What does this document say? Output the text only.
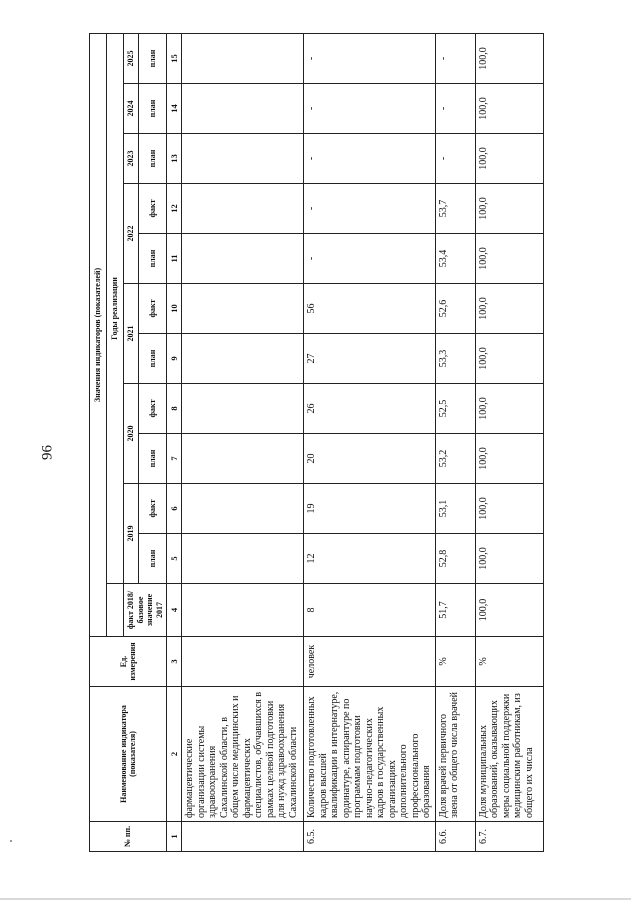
96
№ пп.	Наименование индикатора (показателя)	Ед. измерения	Значения индикаторов (показателей)											
				Годы реализации										
			факт 2018/базовое значение 2017	2019		2020		2021		2022		2023	2024	2025
				план	факт	план	факт	план	факт	план	факт	план	план	план

1	2	3	4	5	6	7	8	9	10	11	12	13	14	15
	фармацевтические организации системы здравоохранения Сахалинской области, в общем числе медицинских и фармацевтических специалистов, обучавшихся в рамках целевой подготовки для нужд здравоохранения Сахалинской области													
6.5.	Количество подготовленных кадров высшей квалификации в интернатуре, ординатуре, аспирантуре по программам подготовки научно-педагогических кадров в государственных организациях дополнительного профессионального образования	человек	8	12	19	20	26	27	56	-	-	-	-	-
6.6.	Доля врачей первичного звена от общего числа врачей	%	51,7	52,8	53,1	53,2	52,5	53,3	52,6	53,4	53,7	-	-	-
6.7.	Доля муниципальных образований, оказывающих меры социальной поддержки медицинским работникам, из общего их числа	%	100,0	100,0	100,0	100,0	100,0	100,0	100,0	100,0	100,0	100,0	100,0	100,0
